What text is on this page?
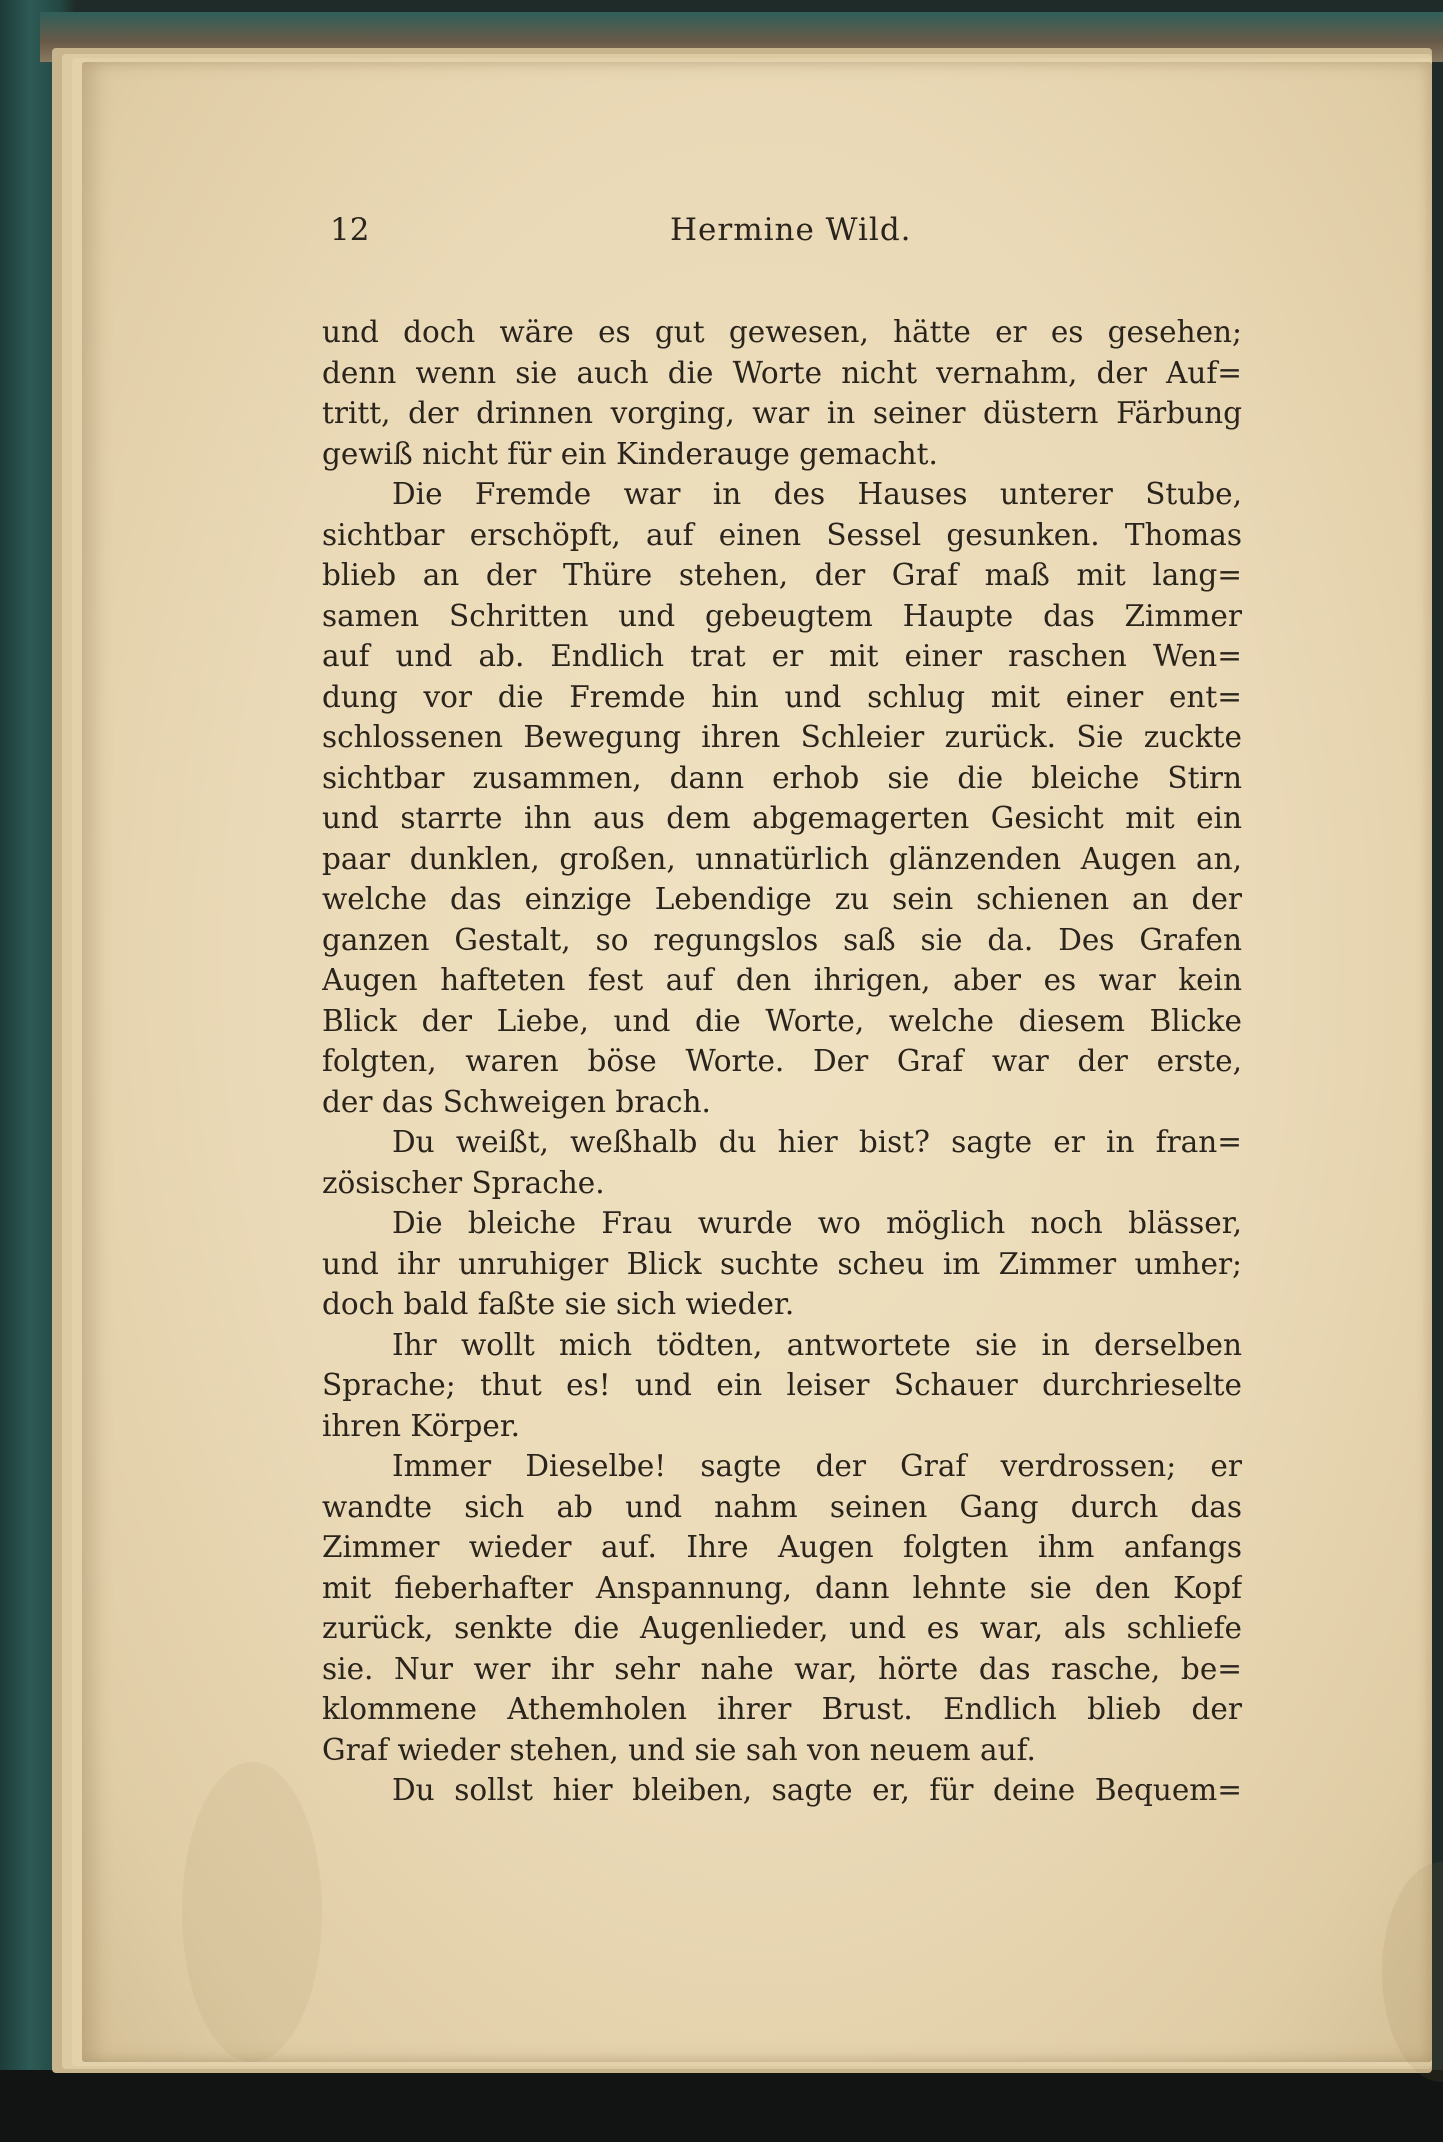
12	Hermine Wild.
und doch wäre es gut gewesen, hätte er es gesehen;
denn wenn sie auch die Worte nicht vernahm, der Auf=
tritt, der drinnen vorging, war in seiner düstern Färbung
gewiß nicht für ein Kinderauge gemacht.
Die Fremde war in des Hauses unterer Stube,
sichtbar erschöpft, auf einen Sessel gesunken. Thomas
blieb an der Thüre stehen, der Graf maß mit lang=
samen Schritten und gebeugtem Haupte das Zimmer
auf und ab. Endlich trat er mit einer raschen Wen=
dung vor die Fremde hin und schlug mit einer ent=
schlossenen Bewegung ihren Schleier zurück. Sie zuckte
sichtbar zusammen, dann erhob sie die bleiche Stirn
und starrte ihn aus dem abgemagerten Gesicht mit ein
paar dunklen, großen, unnatürlich glänzenden Augen an,
welche das einzige Lebendige zu sein schienen an der
ganzen Gestalt, so regungslos saß sie da. Des Grafen
Augen hafteten fest auf den ihrigen, aber es war kein
Blick der Liebe, und die Worte, welche diesem Blicke
folgten, waren böse Worte. Der Graf war der erste,
der das Schweigen brach.
Du weißt, weßhalb du hier bist? sagte er in fran=
zösischer Sprache.
Die bleiche Frau wurde wo möglich noch blässer,
und ihr unruhiger Blick suchte scheu im Zimmer umher;
doch bald faßte sie sich wieder.
Ihr wollt mich tödten, antwortete sie in derselben
Sprache; thut es! und ein leiser Schauer durchrieselte
ihren Körper.
Immer Dieselbe! sagte der Graf verdrossen; er
wandte sich ab und nahm seinen Gang durch das
Zimmer wieder auf. Ihre Augen folgten ihm anfangs
mit fieberhafter Anspannung, dann lehnte sie den Kopf
zurück, senkte die Augenlieder, und es war, als schliefe
sie. Nur wer ihr sehr nahe war, hörte das rasche, be=
klommene Athemholen ihrer Brust. Endlich blieb der
Graf wieder stehen, und sie sah von neuem auf.
Du sollst hier bleiben, sagte er, für deine Bequem=
